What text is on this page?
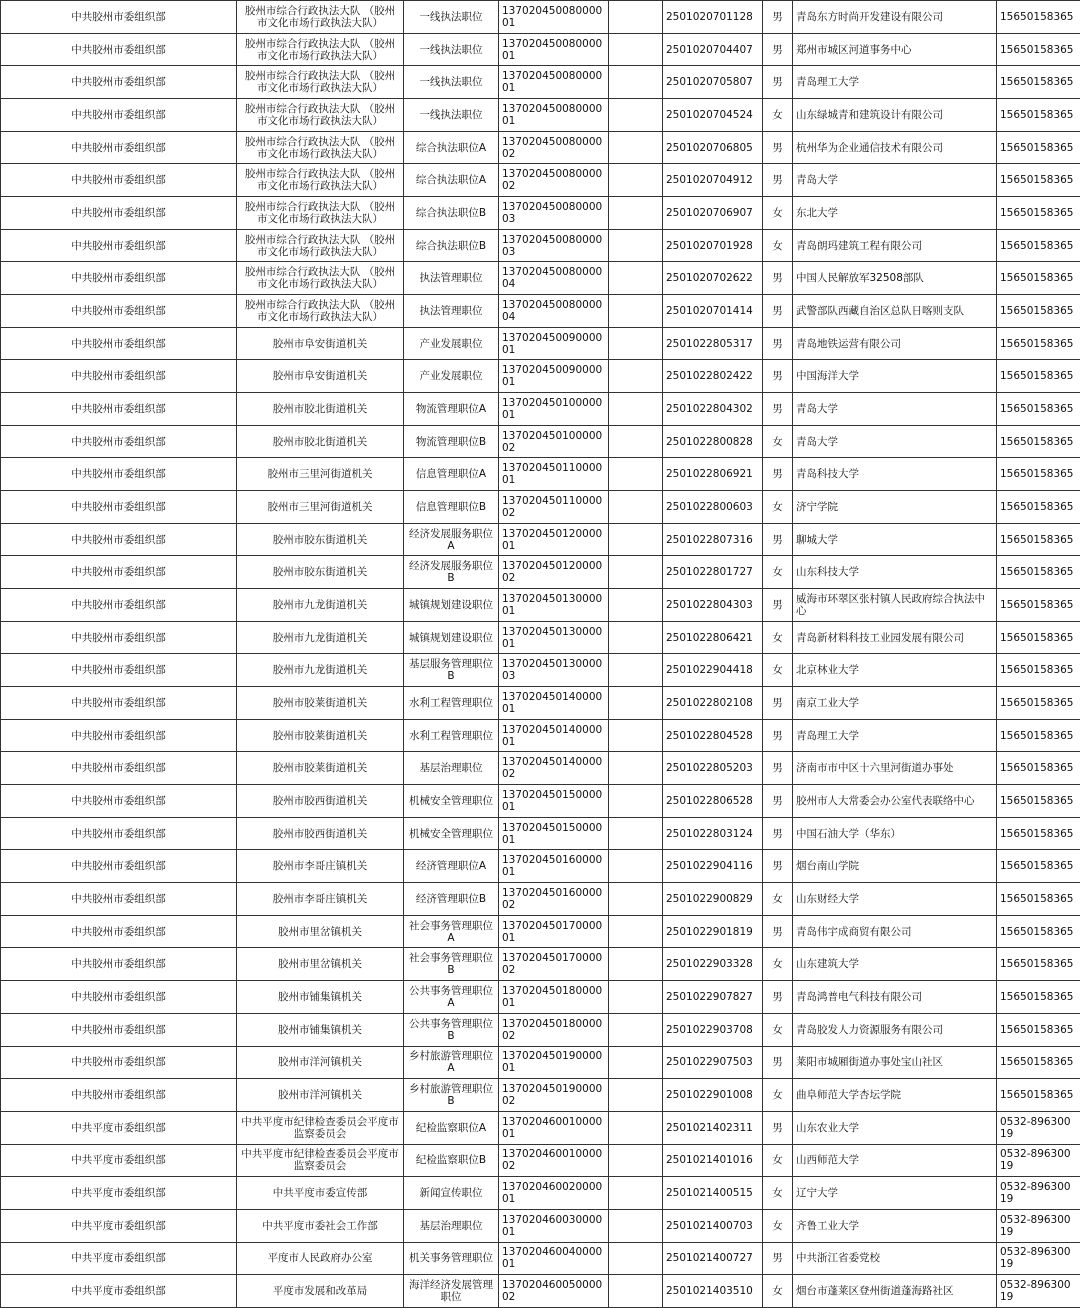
中共胶州市委组织部	胶州市综合行政执法大队 （胶州市文化市场行政执法大队）	一线执法职位	13702045008000001		2501020701128	男	青岛东方时尚开发建设有限公司	15650158365
中共胶州市委组织部	胶州市综合行政执法大队 （胶州市文化市场行政执法大队）	一线执法职位	13702045008000001		2501020704407	男	郑州市城区河道事务中心	15650158365
中共胶州市委组织部	胶州市综合行政执法大队 （胶州市文化市场行政执法大队）	一线执法职位	13702045008000001		2501020705807	男	青岛理工大学	15650158365
中共胶州市委组织部	胶州市综合行政执法大队 （胶州市文化市场行政执法大队）	一线执法职位	13702045008000001		2501020704524	女	山东绿城青和建筑设计有限公司	15650158365
中共胶州市委组织部	胶州市综合行政执法大队 （胶州市文化市场行政执法大队）	综合执法职位A	13702045008000002		2501020706805	男	杭州华为企业通信技术有限公司	15650158365
中共胶州市委组织部	胶州市综合行政执法大队 （胶州市文化市场行政执法大队）	综合执法职位A	13702045008000002		2501020704912	男	青岛大学	15650158365
中共胶州市委组织部	胶州市综合行政执法大队 （胶州市文化市场行政执法大队）	综合执法职位B	13702045008000003		2501020706907	女	东北大学	15650158365
中共胶州市委组织部	胶州市综合行政执法大队 （胶州市文化市场行政执法大队）	综合执法职位B	13702045008000003		2501020701928	女	青岛朗玛建筑工程有限公司	15650158365
中共胶州市委组织部	胶州市综合行政执法大队 （胶州市文化市场行政执法大队）	执法管理职位	13702045008000004		2501020702622	男	中国人民解放军32508部队	15650158365
中共胶州市委组织部	胶州市综合行政执法大队 （胶州市文化市场行政执法大队）	执法管理职位	13702045008000004		2501020701414	男	武警部队西藏自治区总队日喀则支队	15650158365
中共胶州市委组织部	胶州市阜安街道机关	产业发展职位	13702045009000001		2501022805317	男	青岛地铁运营有限公司	15650158365
中共胶州市委组织部	胶州市阜安街道机关	产业发展职位	13702045009000001		2501022802422	男	中国海洋大学	15650158365
中共胶州市委组织部	胶州市胶北街道机关	物流管理职位A	13702045010000001		2501022804302	男	青岛大学	15650158365
中共胶州市委组织部	胶州市胶北街道机关	物流管理职位B	13702045010000002		2501022800828	女	青岛大学	15650158365
中共胶州市委组织部	胶州市三里河街道机关	信息管理职位A	13702045011000001		2501022806921	男	青岛科技大学	15650158365
中共胶州市委组织部	胶州市三里河街道机关	信息管理职位B	13702045011000002		2501022800603	女	济宁学院	15650158365
中共胶州市委组织部	胶州市胶东街道机关	经济发展服务职位A	13702045012000001		2501022807316	男	聊城大学	15650158365
中共胶州市委组织部	胶州市胶东街道机关	经济发展服务职位B	13702045012000002		2501022801727	女	山东科技大学	15650158365
中共胶州市委组织部	胶州市九龙街道机关	城镇规划建设职位	13702045013000001		2501022804303	男	威海市环翠区张村镇人民政府综合执法中心	15650158365
中共胶州市委组织部	胶州市九龙街道机关	城镇规划建设职位	13702045013000001		2501022806421	女	青岛新材料科技工业园发展有限公司	15650158365
中共胶州市委组织部	胶州市九龙街道机关	基层服务管理职位B	13702045013000003		2501022904418	女	北京林业大学	15650158365
中共胶州市委组织部	胶州市胶莱街道机关	水利工程管理职位	13702045014000001		2501022802108	男	南京工业大学	15650158365
中共胶州市委组织部	胶州市胶莱街道机关	水利工程管理职位	13702045014000001		2501022804528	男	青岛理工大学	15650158365
中共胶州市委组织部	胶州市胶莱街道机关	基层治理职位	13702045014000002		2501022805203	男	济南市市中区十六里河街道办事处	15650158365
中共胶州市委组织部	胶州市胶西街道机关	机械安全管理职位	13702045015000001		2501022806528	男	胶州市人大常委会办公室代表联络中心	15650158365
中共胶州市委组织部	胶州市胶西街道机关	机械安全管理职位	13702045015000001		2501022803124	男	中国石油大学（华东）	15650158365
中共胶州市委组织部	胶州市李哥庄镇机关	经济管理职位A	13702045016000001		2501022904116	男	烟台南山学院	15650158365
中共胶州市委组织部	胶州市李哥庄镇机关	经济管理职位B	13702045016000002		2501022900829	女	山东财经大学	15650158365
中共胶州市委组织部	胶州市里岔镇机关	社会事务管理职位A	13702045017000001		2501022901819	男	青岛伟宇成商贸有限公司	15650158365
中共胶州市委组织部	胶州市里岔镇机关	社会事务管理职位B	13702045017000002		2501022903328	女	山东建筑大学	15650158365
中共胶州市委组织部	胶州市铺集镇机关	公共事务管理职位A	13702045018000001		2501022907827	男	青岛鸿普电气科技有限公司	15650158365
中共胶州市委组织部	胶州市铺集镇机关	公共事务管理职位B	13702045018000002		2501022903708	女	青岛胶发人力资源服务有限公司	15650158365
中共胶州市委组织部	胶州市洋河镇机关	乡村旅游管理职位A	13702045019000001		2501022907503	男	莱阳市城厢街道办事处宝山社区	15650158365
中共胶州市委组织部	胶州市洋河镇机关	乡村旅游管理职位B	13702045019000002		2501022901008	女	曲阜师范大学杏坛学院	15650158365
中共平度市委组织部	中共平度市纪律检查委员会平度市监察委员会	纪检监察职位A	13702046001000001		2501021402311	男	山东农业大学	0532-89630019
中共平度市委组织部	中共平度市纪律检查委员会平度市监察委员会	纪检监察职位B	13702046001000002		2501021401016	女	山西师范大学	0532-89630019
中共平度市委组织部	中共平度市委宣传部	新闻宣传职位	13702046002000001		2501021400515	女	辽宁大学	0532-89630019
中共平度市委组织部	中共平度市委社会工作部	基层治理职位	13702046003000001		2501021400703	女	齐鲁工业大学	0532-89630019
中共平度市委组织部	平度市人民政府办公室	机关事务管理职位	13702046004000001		2501021400727	男	中共浙江省委党校	0532-89630019
中共平度市委组织部	平度市发展和改革局	海洋经济发展管理职位	13702046005000002		2501021403510	女	烟台市蓬莱区登州街道蓬海路社区	0532-89630019
